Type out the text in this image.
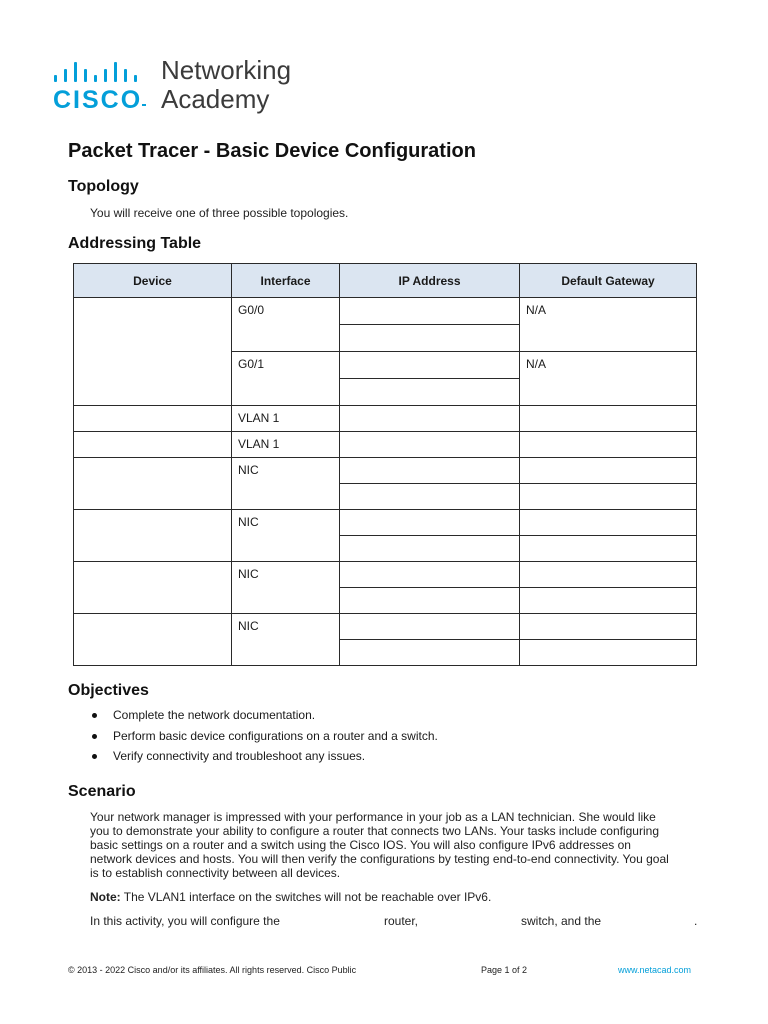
CISCO
Networking
Academy
Packet Tracer - Basic Device Configuration
Topology
You will receive one of three possible topologies.
Addressing Table
Device	Interface	IP Address	Default Gateway
	G0/0		N/A

	G0/1		N/A

	VLAN 1		
	VLAN 1		
	NIC		

	NIC		

	NIC		

	NIC		

Objectives
Complete the network documentation.
Perform basic device configurations on a router and a switch.
Verify connectivity and troubleshoot any issues.
Scenario
Your network manager is impressed with your performance in your job as a LAN technician. She would like
you to demonstrate your ability to configure a router that connects two LANs. Your tasks include configuring
basic settings on a router and a switch using the Cisco IOS. You will also configure IPv6 addresses on
network devices and hosts. You will then verify the configurations by testing end-to-end connectivity. You goal
is to establish connectivity between all devices.
Note: The VLAN1 interface on the switches will not be reachable over IPv6.
In this activity, you will configure the	router,	switch, and the	.
© 2013 - 2022 Cisco and/or its affiliates. All rights reserved. Cisco Public	Page 1 of 2	www.netacad.com
